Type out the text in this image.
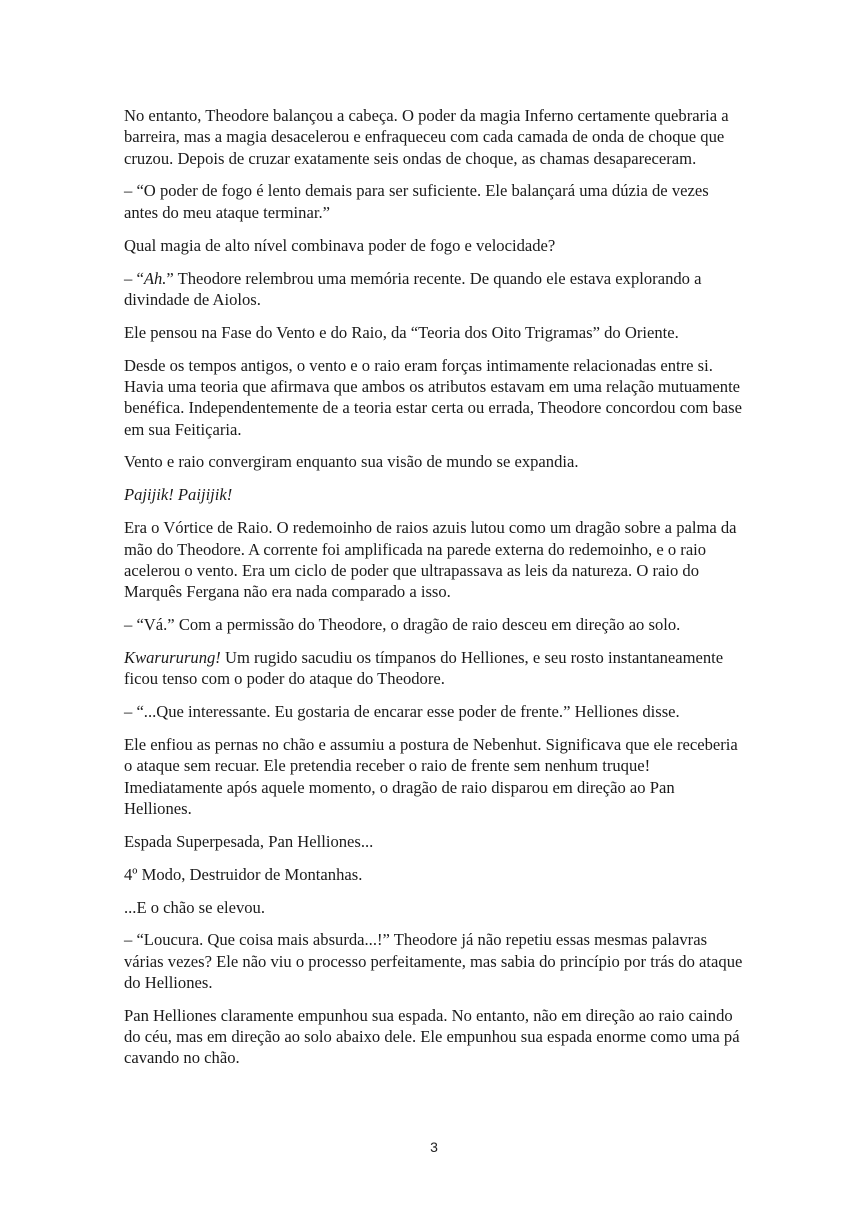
No entanto, Theodore balançou a cabeça. O poder da magia Inferno certamente quebraria a barreira, mas a magia desacelerou e enfraqueceu com cada camada de onda de choque que cruzou. Depois de cruzar exatamente seis ondas de choque, as chamas desapareceram.

– “O poder de fogo é lento demais para ser suficiente. Ele balançará uma dúzia de vezes antes do meu ataque terminar.”

Qual magia de alto nível combinava poder de fogo e velocidade?

– “Ah.” Theodore relembrou uma memória recente. De quando ele estava explorando a divindade de Aiolos.

Ele pensou na Fase do Vento e do Raio, da “Teoria dos Oito Trigramas” do Oriente.

Desde os tempos antigos, o vento e o raio eram forças intimamente relacionadas entre si. Havia uma teoria que afirmava que ambos os atributos estavam em uma relação mutuamente benéfica. Independentemente de a teoria estar certa ou errada, Theodore concordou com base em sua Feitiçaria.

Vento e raio convergiram enquanto sua visão de mundo se expandia.

Pajijik! Paijijik!

Era o Vórtice de Raio. O redemoinho de raios azuis lutou como um dragão sobre a palma da mão do Theodore. A corrente foi amplificada na parede externa do redemoinho, e o raio acelerou o vento. Era um ciclo de poder que ultrapassava as leis da natureza. O raio do Marquês Fergana não era nada comparado a isso.

– “Vá.” Com a permissão do Theodore, o dragão de raio desceu em direção ao solo.

Kwarururung! Um rugido sacudiu os tímpanos do Helliones, e seu rosto instantaneamente ficou tenso com o poder do ataque do Theodore.

– “...Que interessante. Eu gostaria de encarar esse poder de frente.” Helliones disse.

Ele enfiou as pernas no chão e assumiu a postura de Nebenhut. Significava que ele receberia o ataque sem recuar. Ele pretendia receber o raio de frente sem nenhum truque! Imediatamente após aquele momento, o dragão de raio disparou em direção ao Pan Helliones.

Espada Superpesada, Pan Helliones...

4º Modo, Destruidor de Montanhas.

...E o chão se elevou.

– “Loucura. Que coisa mais absurda...!” Theodore já não repetiu essas mesmas palavras várias vezes? Ele não viu o processo perfeitamente, mas sabia do princípio por trás do ataque do Helliones.

Pan Helliones claramente empunhou sua espada. No entanto, não em direção ao raio caindo do céu, mas em direção ao solo abaixo dele. Ele empunhou sua espada enorme como uma pá cavando no chão.

3
